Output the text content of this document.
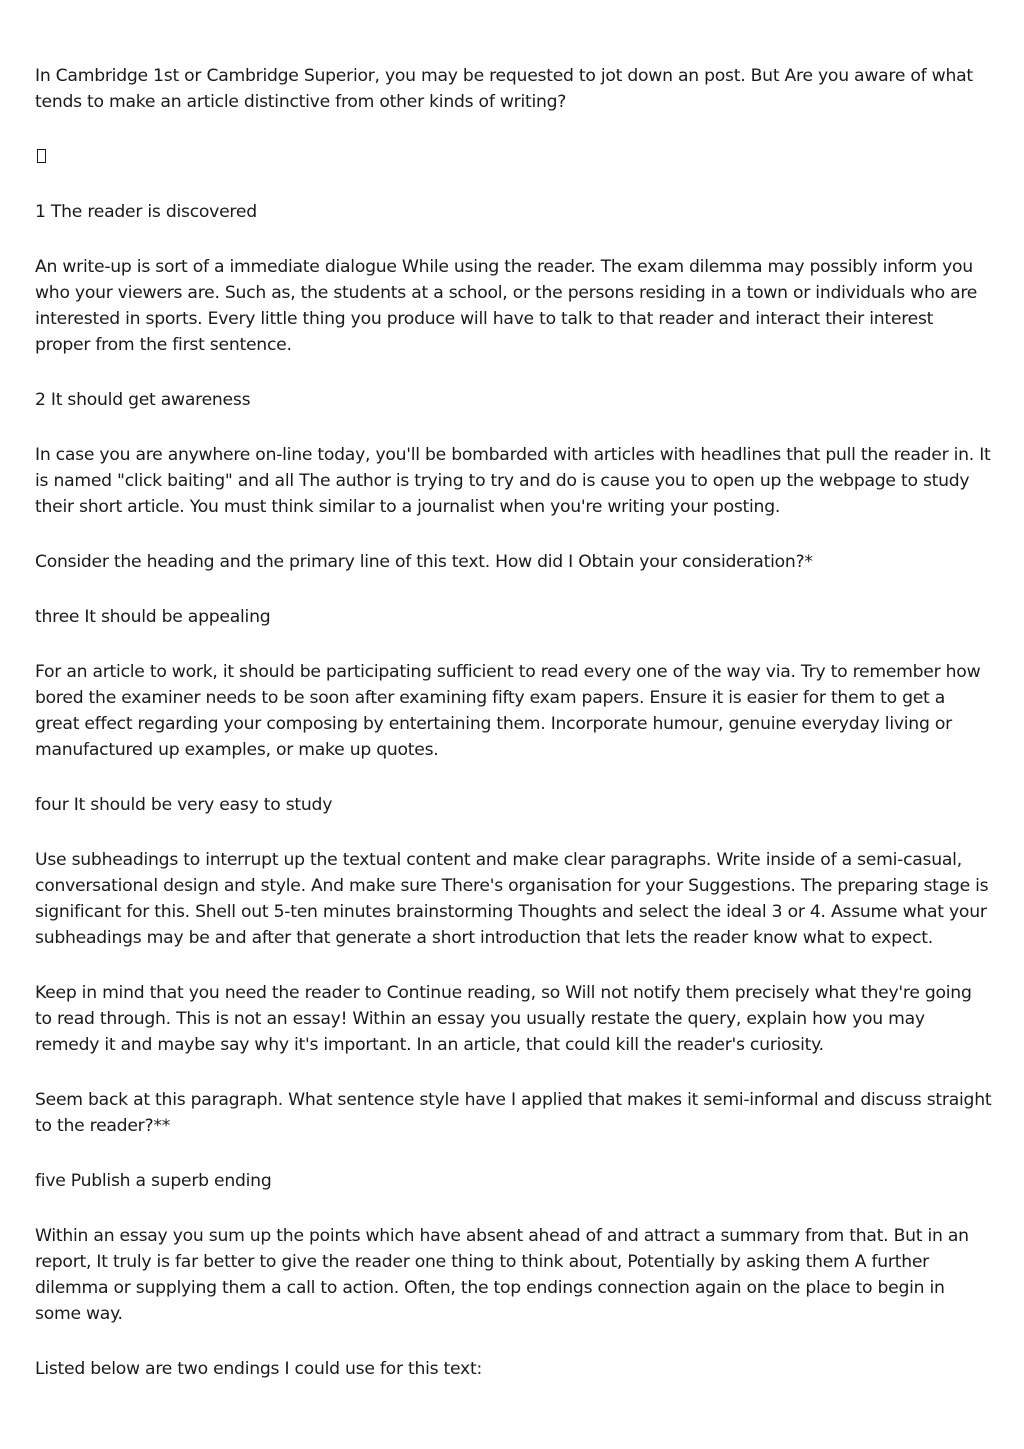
In Cambridge 1st or Cambridge Superior, you may be requested to jot down an post. But Are you aware of what tends to make an article distinctive from other kinds of writing?

1 The reader is discovered

An write-up is sort of a immediate dialogue While using the reader. The exam dilemma may possibly inform you who your viewers are. Such as, the students at a school, or the persons residing in a town or individuals who are interested in sports. Every little thing you produce will have to talk to that reader and interact their interest proper from the first sentence.

2 It should get awareness

In case you are anywhere on-line today, you'll be bombarded with articles with headlines that pull the reader in. It is named "click baiting" and all The author is trying to try and do is cause you to open up the webpage to study their short article. You must think similar to a journalist when you're writing your posting.

Consider the heading and the primary line of this text. How did I Obtain your consideration?*

three It should be appealing

For an article to work, it should be participating sufficient to read every one of the way via. Try to remember how bored the examiner needs to be soon after examining fifty exam papers. Ensure it is easier for them to get a great effect regarding your composing by entertaining them. Incorporate humour, genuine everyday living or manufactured up examples, or make up quotes.

four It should be very easy to study

Use subheadings to interrupt up the textual content and make clear paragraphs. Write inside of a semi-casual, conversational design and style. And make sure There's organisation for your Suggestions. The preparing stage is significant for this. Shell out 5-ten minutes brainstorming Thoughts and select the ideal 3 or 4. Assume what your subheadings may be and after that generate a short introduction that lets the reader know what to expect.

Keep in mind that you need the reader to Continue reading, so Will not notify them precisely what they're going to read through. This is not an essay! Within an essay you usually restate the query, explain how you may remedy it and maybe say why it's important. In an article, that could kill the reader's curiosity.

Seem back at this paragraph. What sentence style have I applied that makes it semi-informal and discuss straight to the reader?**

five Publish a superb ending

Within an essay you sum up the points which have absent ahead of and attract a summary from that. But in an report, It truly is far better to give the reader one thing to think about, Potentially by asking them A further dilemma or supplying them a call to action. Often, the top endings connection again on the place to begin in some way.

Listed below are two endings I could use for this text:
